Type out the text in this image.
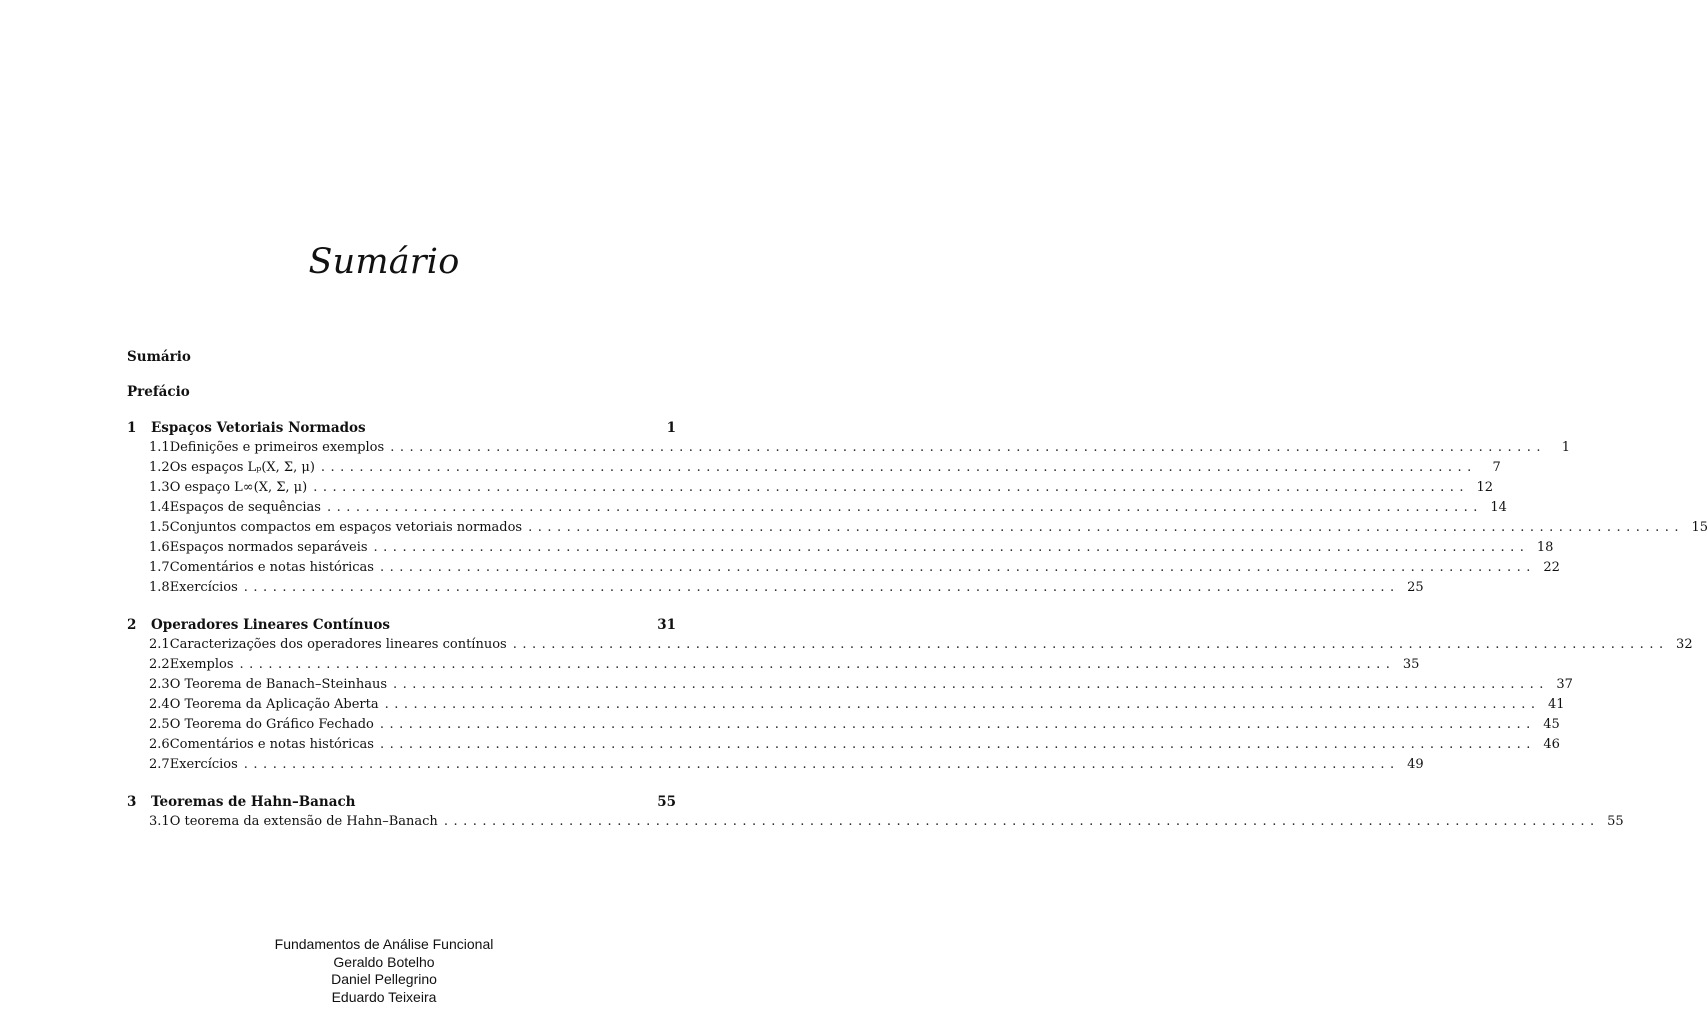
Sumário
Sumário
Prefácio
1	Espaços Vetoriais Normados	1
1.1 Definições e primeiros exemplos ........................................................................................................................	1
1.2 Os espaços Lₚ(X, Σ, μ) ........................................................................................................................	7
1.3 O espaço L∞(X, Σ, μ) ........................................................................................................................ 12
1.4 Espaços de sequências ........................................................................................................................ 14
1.5 Conjuntos compactos em espaços vetoriais normados ........................................................................................................................ 15
1.6 Espaços normados separáveis ........................................................................................................................ 18
1.7 Comentários e notas históricas ........................................................................................................................ 22
1.8 Exercícios ........................................................................................................................ 25
2	Operadores Lineares Contínuos	31
2.1 Caracterizações dos operadores lineares contínuos ........................................................................................................................ 32
2.2 Exemplos ........................................................................................................................ 35
2.3 O Teorema de Banach–Steinhaus ........................................................................................................................ 37
2.4 O Teorema da Aplicação Aberta ........................................................................................................................ 41
2.5 O Teorema do Gráfico Fechado ........................................................................................................................ 45
2.6 Comentários e notas históricas ........................................................................................................................ 46
2.7 Exercícios ........................................................................................................................ 49
3	Teoremas de Hahn–Banach	55
3.1 O teorema da extensão de Hahn–Banach ........................................................................................................................ 55
Fundamentos de Análise Funcional
Geraldo Botelho
Daniel Pellegrino
Eduardo Teixeira
